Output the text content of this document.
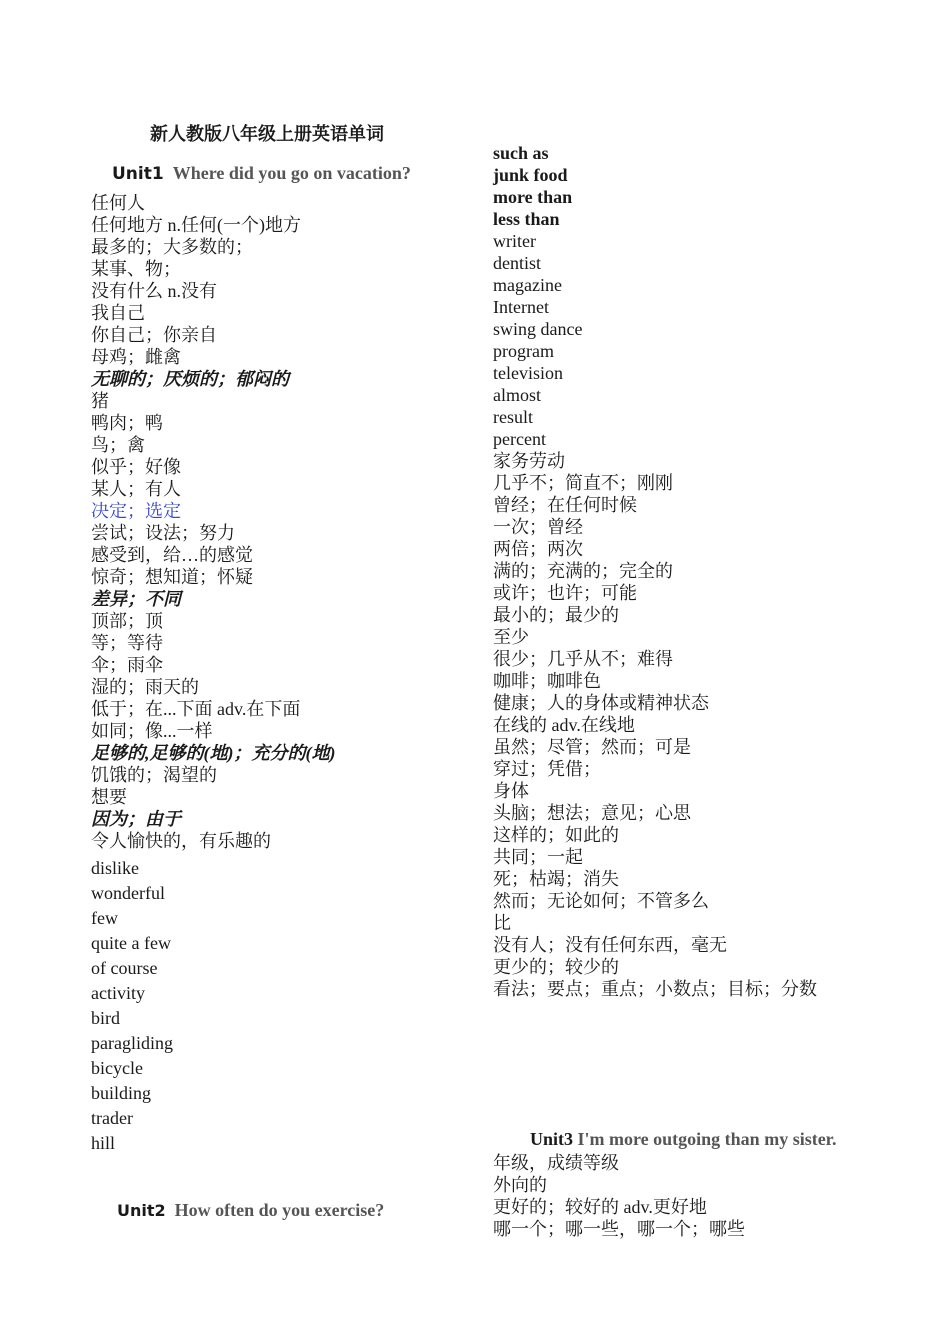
新人教版八年级上册英语单词
Unit1 Where did you go on vacation?
任何人
任何地方 n.任何(一个)地方
最多的；大多数的；
某事、物；
没有什么 n.没有
我自己
你自己；你亲自
母鸡；雌禽
无聊的；厌烦的；郁闷的
猪
鸭肉；鸭
鸟；禽
似乎；好像
某人；有人
决定；选定
尝试；设法；努力
感受到，给…的感觉
惊奇；想知道；怀疑
差异；不同
顶部；顶
等；等待
伞；雨伞
湿的；雨天的
低于；在...下面 adv.在下面
如同；像...一样
足够的,足够的(地)；充分的(地)
饥饿的；渴望的
想要
因为；由于
令人愉快的，有乐趣的
dislike
wonderful
few
quite a few
of course
activity
bird
paragliding
bicycle
building
trader
hill
Unit2 How often do you exercise?
such as
junk food
more than
less than
writer
dentist
magazine
Internet
swing dance
program
television
almost
result
percent
家务劳动
几乎不；简直不；刚刚
曾经；在任何时候
一次；曾经
两倍；两次
满的；充满的；完全的
或许；也许；可能
最小的；最少的
至少
很少；几乎从不；难得
咖啡；咖啡色
健康；人的身体或精神状态
在线的 adv.在线地
虽然；尽管；然而；可是
穿过；凭借；
身体
头脑；想法；意见；心思
这样的；如此的
共同；一起
死；枯竭；消失
然而；无论如何；不管多么
比
没有人；没有任何东西，毫无
更少的；较少的
看法；要点；重点；小数点；目标；分数
Unit3 I'm more outgoing than my sister.
年级，成绩等级
外向的
更好的；较好的 adv.更好地
哪一个；哪一些，哪一个；哪些
